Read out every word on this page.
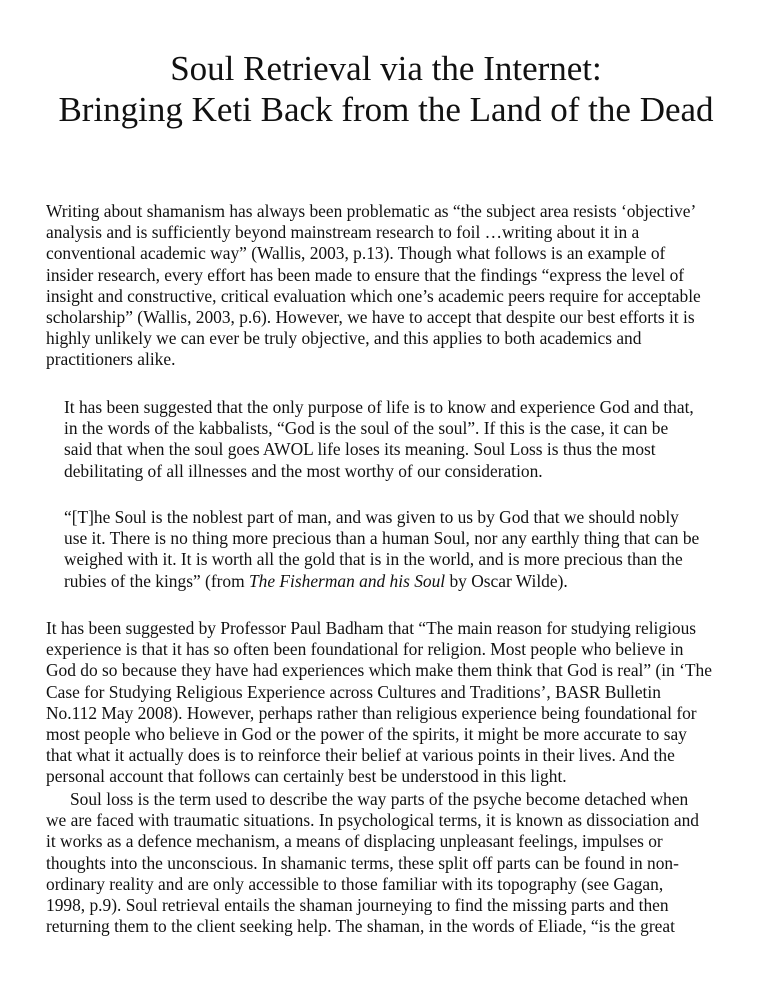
Soul Retrieval via the Internet:
Bringing Keti Back from the Land of the Dead

Writing about shamanism has always been problematic as “the subject area resists ‘objective’
analysis and is sufficiently beyond mainstream research to foil …writing about it in a
conventional academic way” (Wallis, 2003, p.13). Though what follows is an example of
insider research, every effort has been made to ensure that the findings “express the level of
insight and constructive, critical evaluation which one’s academic peers require for acceptable
scholarship” (Wallis, 2003, p.6). However, we have to accept that despite our best efforts it is
highly unlikely we can ever be truly objective, and this applies to both academics and
practitioners alike.

It has been suggested that the only purpose of life is to know and experience God and that,
in the words of the kabbalists, “God is the soul of the soul”. If this is the case, it can be
said that when the soul goes AWOL life loses its meaning. Soul Loss is thus the most
debilitating of all illnesses and the most worthy of our consideration.

“[T]he Soul is the noblest part of man, and was given to us by God that we should nobly
use it. There is no thing more precious than a human Soul, nor any earthly thing that can be
weighed with it. It is worth all the gold that is in the world, and is more precious than the
rubies of the kings” (from The Fisherman and his Soul by Oscar Wilde).

It has been suggested by Professor Paul Badham that “The main reason for studying religious
experience is that it has so often been foundational for religion. Most people who believe in
God do so because they have had experiences which make them think that God is real” (in ‘The
Case for Studying Religious Experience across Cultures and Traditions’, BASR Bulletin
No.112 May 2008). However, perhaps rather than religious experience being foundational for
most people who believe in God or the power of the spirits, it might be more accurate to say
that what it actually does is to reinforce their belief at various points in their lives. And the
personal account that follows can certainly best be understood in this light.

Soul loss is the term used to describe the way parts of the psyche become detached when
we are faced with traumatic situations. In psychological terms, it is known as dissociation and
it works as a defence mechanism, a means of displacing unpleasant feelings, impulses or
thoughts into the unconscious. In shamanic terms, these split off parts can be found in non-
ordinary reality and are only accessible to those familiar with its topography (see Gagan,
1998, p.9). Soul retrieval entails the shaman journeying to find the missing parts and then
returning them to the client seeking help. The shaman, in the words of Eliade, “is the great
